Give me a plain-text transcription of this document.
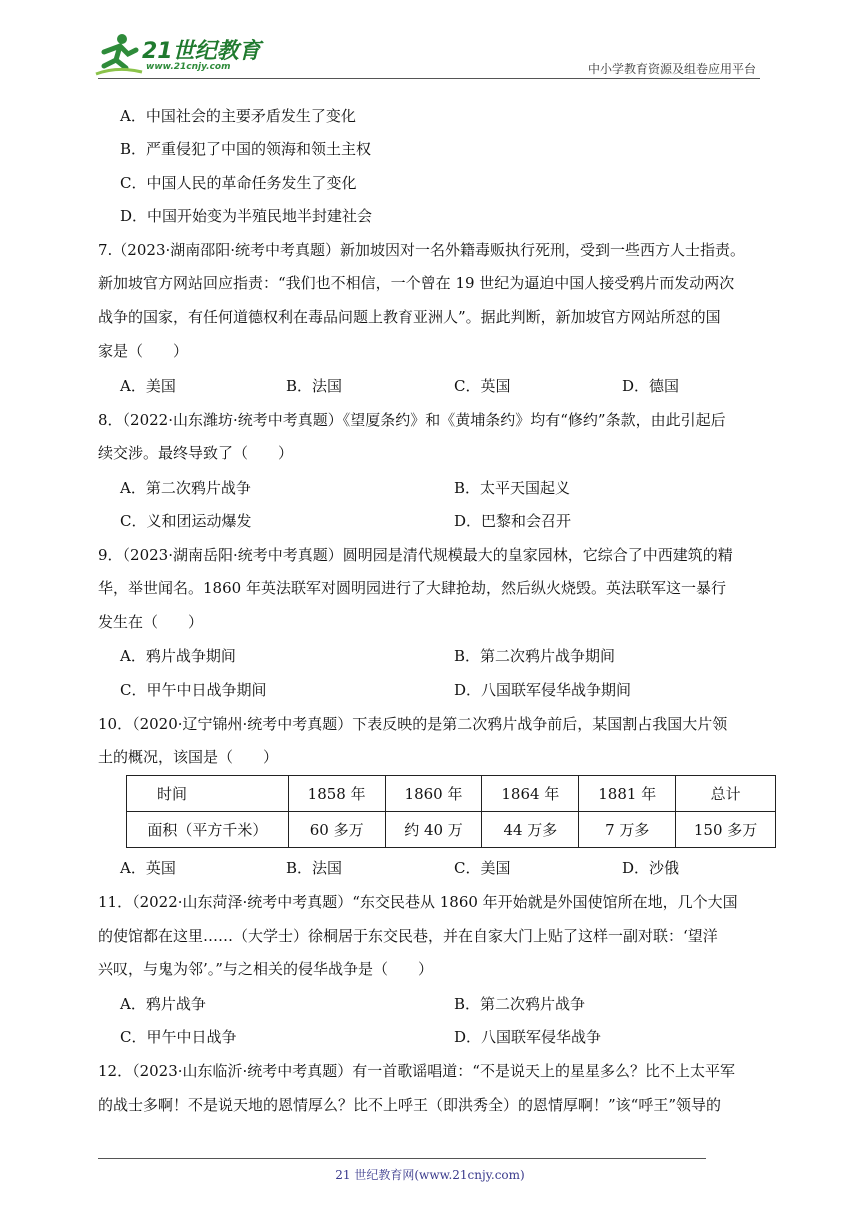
21世纪教育
www.21cnjy.com	中小学教育资源及组卷应用平台
A．中国社会的主要矛盾发生了变化
B．严重侵犯了中国的领海和领土主权
C．中国人民的革命任务发生了变化
D．中国开始变为半殖民地半封建社会
7.（2023·湖南邵阳·统考中考真题）新加坡因对一名外籍毒贩执行死刑，受到一些西方人士指责。
新加坡官方网站回应指责：“我们也不相信，一个曾在 19 世纪为逼迫中国人接受鸦片而发动两次
战争的国家，有任何道德权利在毒品问题上教育亚洲人”。据此判断，新加坡官方网站所怼的国
家是（　　）
A．美国	B．法国	C．英国	D．德国
8．（2022·山东潍坊·统考中考真题）《望厦条约》和《黄埔条约》均有“修约”条款，由此引起后
续交涉。最终导致了（　　）
A．第二次鸦片战争	B．太平天国起义
C．义和团运动爆发	D．巴黎和会召开
9．（2023·湖南岳阳·统考中考真题）圆明园是清代规模最大的皇家园林，它综合了中西建筑的精
华，举世闻名。1860 年英法联军对圆明园进行了大肆抢劫，然后纵火烧毁。英法联军这一暴行
发生在（　　）
A．鸦片战争期间	B．第二次鸦片战争期间
C．甲午中日战争期间	D．八国联军侵华战争期间
10．（2020·辽宁锦州·统考中考真题）下表反映的是第二次鸦片战争前后，某国割占我国大片领
土的概况，该国是（　　）
时间	1858 年	1860 年	1864 年	1881 年	总计
面积（平方千米）	60 多万	约 40 万	44 万多	7 万多	150 多万
A．英国	B．法国	C．美国	D．沙俄
11．（2022·山东菏泽·统考中考真题）“东交民巷从 1860 年开始就是外国使馆所在地，几个大国
的使馆都在这里……（大学士）徐桐居于东交民巷，并在自家大门上贴了这样一副对联：‘望洋
兴叹，与鬼为邻’。”与之相关的侵华战争是（　　）
A．鸦片战争	B．第二次鸦片战争
C．甲午中日战争	D．八国联军侵华战争
12．（2023·山东临沂·统考中考真题）有一首歌谣唱道：“不是说天上的星星多么？比不上太平军
的战士多啊！不是说天地的恩情厚么？比不上呼王（即洪秀全）的恩情厚啊！”该“呼王”领导的
21 世纪教育网(www.21cnjy.com)
